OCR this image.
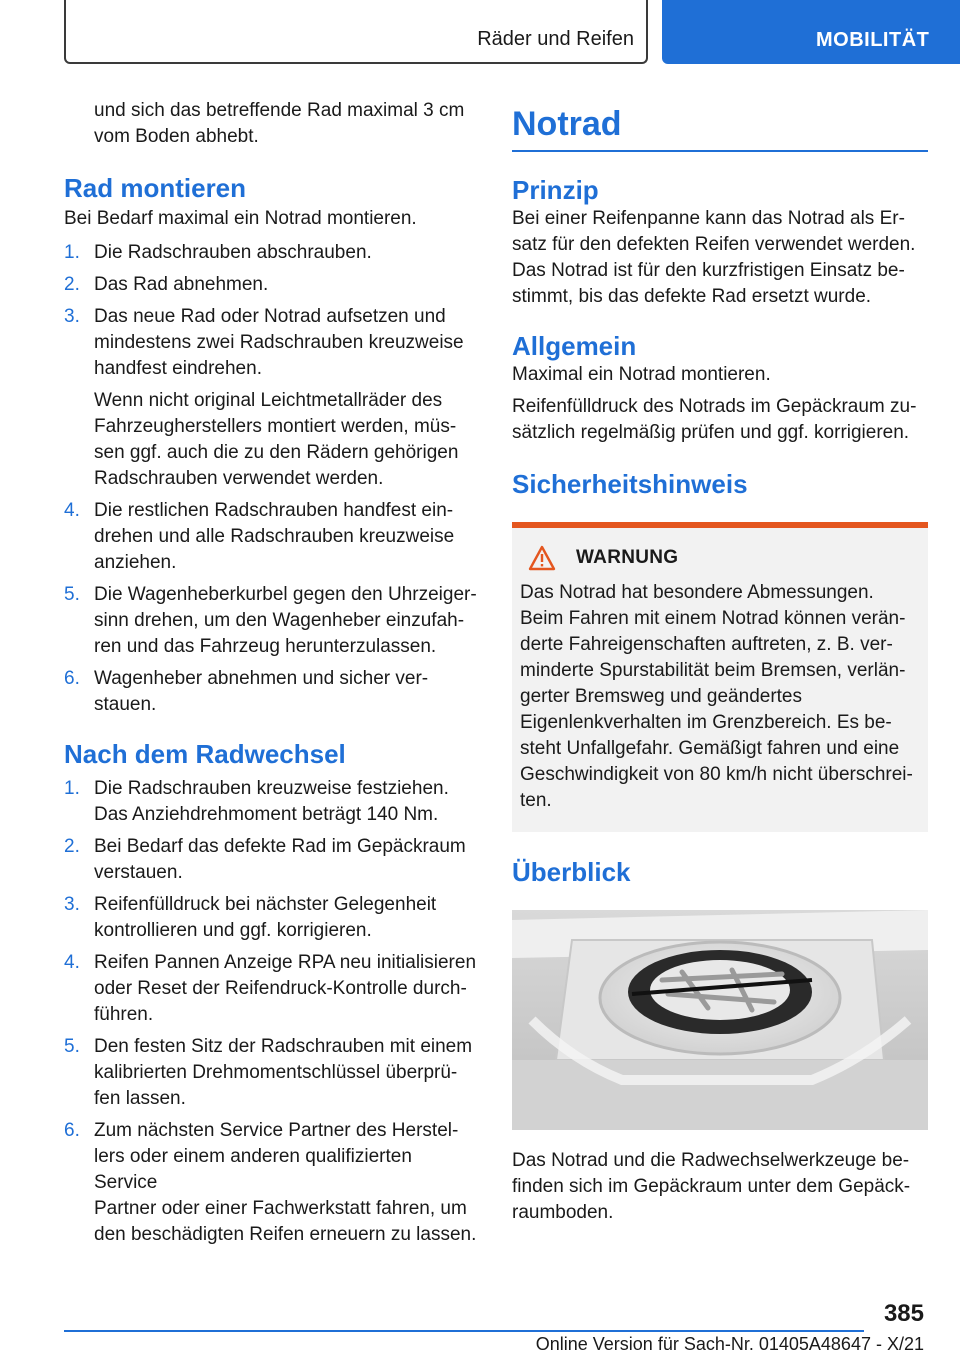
Räder und Reifen	MOBILITÄT

und sich das betreffende Rad maximal 3 cm

vom Boden abhebt.

Rad montieren

Bei Bedarf maximal ein Notrad montieren.

1. Die Radschrauben abschrauben.
2. Das Rad abnehmen.
3. Das neue Rad oder Notrad aufsetzen und
mindestens zwei Radschrauben kreuzweise
handfest eindrehen.
Wenn nicht original Leichtmetallräder des
Fahrzeugherstellers montiert werden, müs-
sen ggf. auch die zu den Rädern gehörigen
Radschrauben verwendet werden.
4. Die restlichen Radschrauben handfest ein-
drehen und alle Radschrauben kreuzweise
anziehen.
5. Die Wagenheberkurbel gegen den Uhrzeiger-
sinn drehen, um den Wagenheber einzufah-
ren und das Fahrzeug herunterzulassen.
6. Wagenheber abnehmen und sicher ver-
stauen.
Nach dem Radwechsel
1. Die Radschrauben kreuzweise festziehen.
Das Anziehdrehmoment beträgt 140 Nm.
2. Bei Bedarf das defekte Rad im Gepäckraum
verstauen.
3. Reifenfülldruck bei nächster Gelegenheit
kontrollieren und ggf. korrigieren.
4. Reifen Pannen Anzeige RPA neu initialisieren
oder Reset der Reifendruck-Kontrolle durch-
führen.
5. Den festen Sitz der Radschrauben mit einem
kalibrierten Drehmomentschlüssel überprü-
fen lassen.
6. Zum nächsten Service Partner des Herstel-
lers oder einem anderen qualifizierten Service
Partner oder einer Fachwerkstatt fahren, um
den beschädigten Reifen erneuern zu lassen.
Notrad
Prinzip

Bei einer Reifenpanne kann das Notrad als Er-

satz für den defekten Reifen verwendet werden.

Das Notrad ist für den kurzfristigen Einsatz be-

stimmt, bis das defekte Rad ersetzt wurde.

Allgemein

Maximal ein Notrad montieren.

Reifenfülldruck des Notrads im Gepäckraum zu-

sätzlich regelmäßig prüfen und ggf. korrigieren.

Sicherheitshinweis
WARNUNG

Das Notrad hat besondere Abmessungen.

Beim Fahren mit einem Notrad können verän-

derte Fahreigenschaften auftreten, z. B. ver-

minderte Spurstabilität beim Bremsen, verlän-

gerter Bremsweg und geändertes

Eigenlenkverhalten im Grenzbereich. Es be-

steht Unfallgefahr. Gemäßigt fahren und eine

Geschwindigkeit von 80 km/h nicht überschrei-

ten.

Überblick

Das Notrad und die Radwechselwerkzeuge be-

finden sich im Gepäckraum unter dem Gepäck-

raumboden.

385
Online Version für Sach-Nr. 01405A48647 - X/21
